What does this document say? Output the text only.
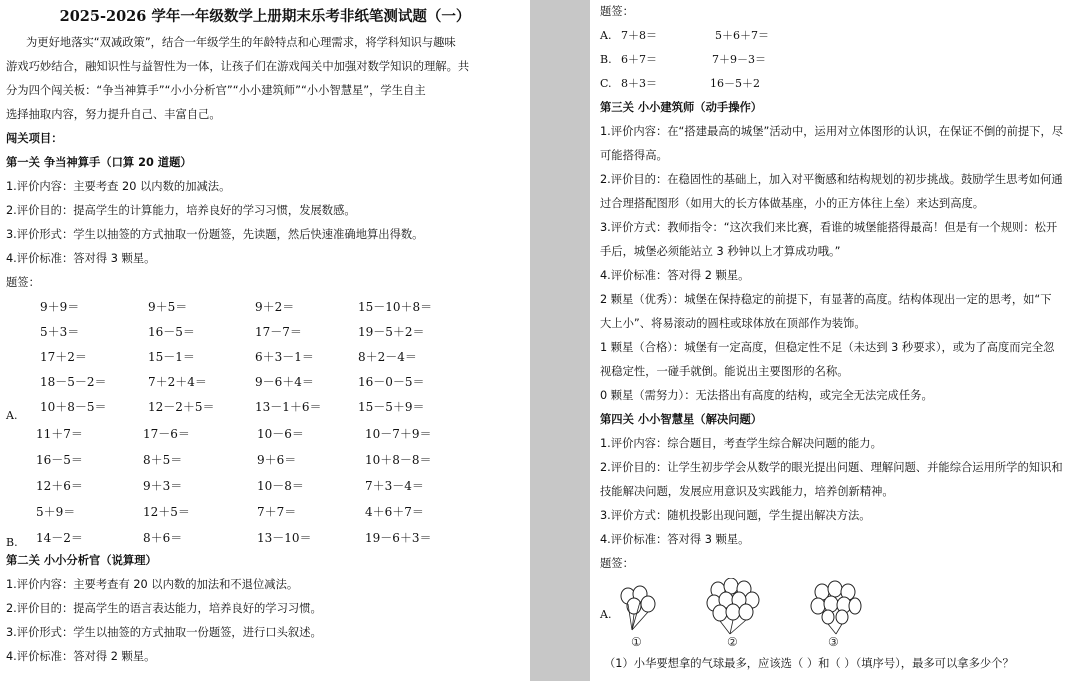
2025-2026 学年一年级数学上册期末乐考非纸笔测试题（一）
为更好地落实“双减政策”，结合一年级学生的年龄特点和心理需求，将学科知识与趣味
游戏巧妙结合，融知识性与益智性为一体，让孩子们在游戏闯关中加强对数学知识的理解。共
分为四个闯关板：“争当神算手”“小小分析官”“小小建筑师”“小小智慧星”，学生自主
选择抽取内容，努力提升自己、丰富自己。
闯关项目：
第一关 争当神算手（口算 20 道题）
1.评价内容：主要考查 20 以内数的加减法。
2.评价目的：提高学生的计算能力，培养良好的学习习惯，发展数感。
3.评价形式：学生以抽签的方式抽取一份题签，先读题，然后快速准确地算出得数。
4.评价标准：答对得 3 颗星。
题签：
A.
B.
9＋9＝	9＋5＝	9＋2＝	15－10＋8＝
5＋3＝	16－5＝	17－7＝	19－5＋2＝
17＋2＝	15－1＝	6＋3－1＝	8＋2－4＝
18－5－2＝	7＋2＋4＝	9－6＋4＝	16－0－5＝
10＋8－5＝	12－2＋5＝	13－1＋6＝	15－5＋9＝
11＋7＝	17－6＝	10－6＝	10－7＋9＝
16－5＝	8＋5＝	9＋6＝	10＋8－8＝
12＋6＝	9＋3＝	10－8＝	7＋3－4＝
5＋9＝	12＋5＝	7＋7＝	4＋6＋7＝
14－2＝	8＋6＝	13－10＝	19－6＋3＝
第二关 小小分析官（说算理）
1.评价内容：主要考查有 20 以内数的加法和不退位减法。
2.评价目的：提高学生的语言表达能力，培养良好的学习习惯。
3.评价形式：学生以抽签的方式抽取一份题签，进行口头叙述。
4.评价标准：答对得 2 颗星。
题签：
A. 7＋8＝	5＋6＋7＝
B. 6＋7＝	7＋9－3＝
C. 8＋3＝	16－5＋2
第三关 小小建筑师（动手操作）
1.评价内容：在“搭建最高的城堡”活动中，运用对立体图形的认识，在保证不倒的前提下，尽
可能搭得高。
2.评价目的：在稳固性的基础上，加入对平衡感和结构规划的初步挑战。鼓励学生思考如何通
过合理搭配图形（如用大的长方体做基座，小的正方体往上垒）来达到高度。
3.评价方式：教师指令：“这次我们来比赛，看谁的城堡能搭得最高！但是有一个规则：松开
手后，城堡必须能站立 3 秒钟以上才算成功哦。”
4.评价标准：答对得 2 颗星。
2 颗星（优秀）：城堡在保持稳定的前提下，有显著的高度。结构体现出一定的思考，如“下
大上小”、将易滚动的圆柱或球体放在顶部作为装饰。
1 颗星（合格）：城堡有一定高度，但稳定性不足（未达到 3 秒要求），或为了高度而完全忽
视稳定性，一碰手就倒。能说出主要图形的名称。
0 颗星（需努力）：无法搭出有高度的结构，或完全无法完成任务。
第四关 小小智慧星（解决问题）
1.评价内容：综合题目，考查学生综合解决问题的能力。
2.评价目的：让学生初步学会从数学的眼光提出问题、理解问题、并能综合运用所学的知识和
技能解决问题，发展应用意识及实践能力，培养创新精神。
3.评价方式：随机投影出现问题，学生提出解决方法。
4.评价标准：答对得 3 颗星。
题签：
A.
①	②	③
（1）小华要想拿的气球最多，应该选（ ）和（ ）（填序号），最多可以拿多少个？
